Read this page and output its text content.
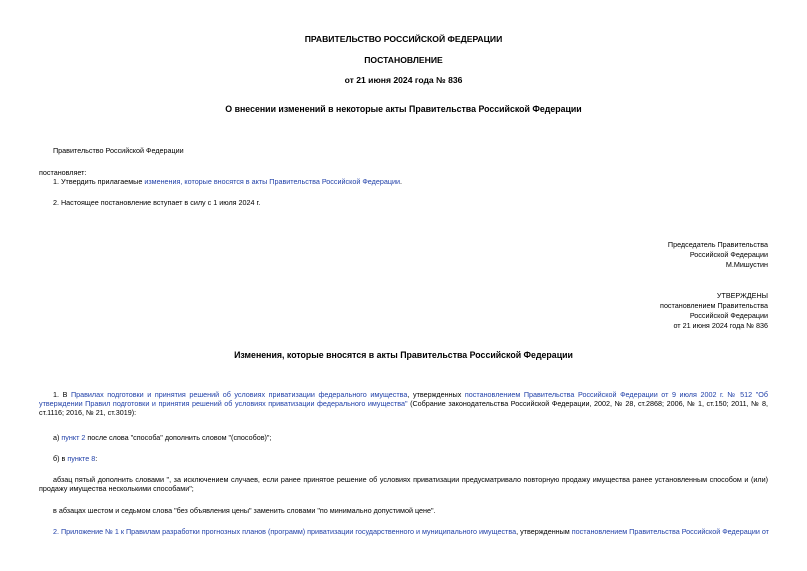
ПРАВИТЕЛЬСТВО РОССИЙСКОЙ ФЕДЕРАЦИИ
ПОСТАНОВЛЕНИЕ
от 21 июня 2024 года № 836
О внесении изменений в некоторые акты Правительства Российской Федерации
Правительство Российской Федерации
постановляет:
1. Утвердить прилагаемые изменения, которые вносятся в акты Правительства Российской Федерации.
2. Настоящее постановление вступает в силу с 1 июля 2024 г.
Председатель Правительства
Российской Федерации
М.Мишустин
УТВЕРЖДЕНЫ
постановлением Правительства
Российской Федерации
от 21 июня 2024 года № 836
Изменения, которые вносятся в акты Правительства Российской Федерации
1. В Правилах подготовки и принятия решений об условиях приватизации федерального имущества, утвержденных постановлением Правительства Российской Федерации от 9 июля 2002 г. № 512 "Об утверждении Правил подготовки и принятия решений об условиях приватизации федерального имущества" (Собрание законодательства Российской Федерации, 2002, № 28, ст.2868; 2006, № 1, ст.150; 2011, № 8, ст.1116; 2016, № 21, ст.3019):
а) пункт 2 после слова "способа" дополнить словом "(способов)";
б) в пункте 8:
абзац пятый дополнить словами ", за исключением случаев, если ранее принятое решение об условиях приватизации предусматривало повторную продажу имущества ранее установленным способом и (или) продажу имущества несколькими способами";
в абзацах шестом и седьмом слова "без объявления цены" заменить словами "по минимально допустимой цене".
2. Приложение № 1 к Правилам разработки прогнозных планов (программ) приватизации государственного и муниципального имущества, утвержденным постановлением Правительства Российской Федерации от
